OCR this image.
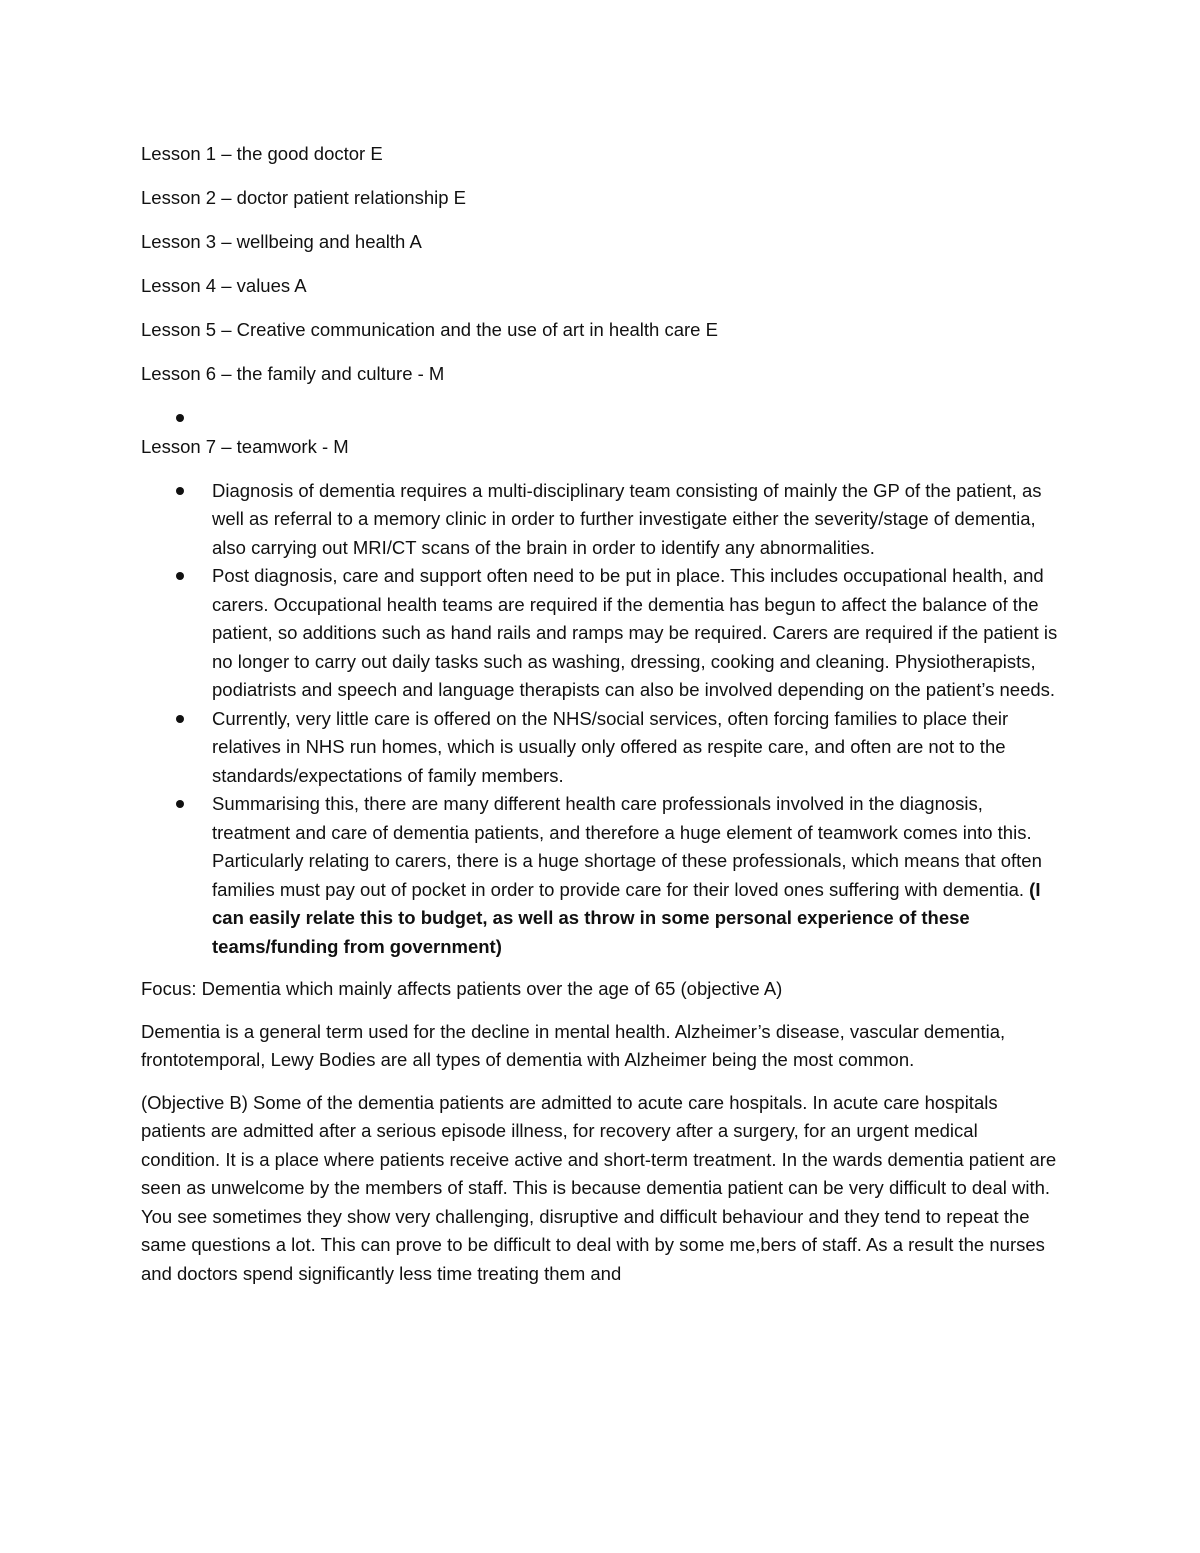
Lesson 1 – the good doctor E
Lesson 2 – doctor patient relationship E
Lesson 3 – wellbeing and health A
Lesson 4 – values A
Lesson 5 – Creative communication and the use of art in health care E
Lesson 6 – the family and culture - M
Lesson 7 – teamwork - M
Diagnosis of dementia requires a multi-disciplinary team consisting of mainly the GP of the patient, as well as referral to a memory clinic in order to further investigate either the severity/stage of dementia, also carrying out MRI/CT scans of the brain in order to identify any abnormalities.
Post diagnosis, care and support often need to be put in place. This includes occupational health, and carers. Occupational health teams are required if the dementia has begun to affect the balance of the patient, so additions such as hand rails and ramps may be required. Carers are required if the patient is no longer to carry out daily tasks such as washing, dressing, cooking and cleaning. Physiotherapists, podiatrists and speech and language therapists can also be involved depending on the patient’s needs.
Currently, very little care is offered on the NHS/social services, often forcing families to place their relatives in NHS run homes, which is usually only offered as respite care, and often are not to the standards/expectations of family members.
Summarising this, there are many different health care professionals involved in the diagnosis, treatment and care of dementia patients, and therefore a huge element of teamwork comes into this. Particularly relating to carers, there is a huge shortage of these professionals, which means that often families must pay out of pocket in order to provide care for their loved ones suffering with dementia. (I can easily relate this to budget, as well as throw in some personal experience of these teams/funding from government)

Focus: Dementia which mainly affects patients over the age of 65 (objective A)

Dementia is a general term used for the decline in mental health. Alzheimer’s disease, vascular dementia, frontotemporal, Lewy Bodies are all types of dementia with Alzheimer being the most common.

(Objective B) Some of the dementia patients are admitted to acute care hospitals. In acute care hospitals patients are admitted after a serious episode illness, for recovery after a surgery, for an urgent medical condition. It is a place where patients receive active and short-term treatment. In the wards dementia patient are seen as unwelcome by the members of staff. This is because dementia patient can be very difficult to deal with. You see sometimes they show very challenging, disruptive and difficult behaviour and they tend to repeat the same questions a lot. This can prove to be difficult to deal with by some me,bers of staff. As a result the nurses and doctors spend significantly less time treating them and
